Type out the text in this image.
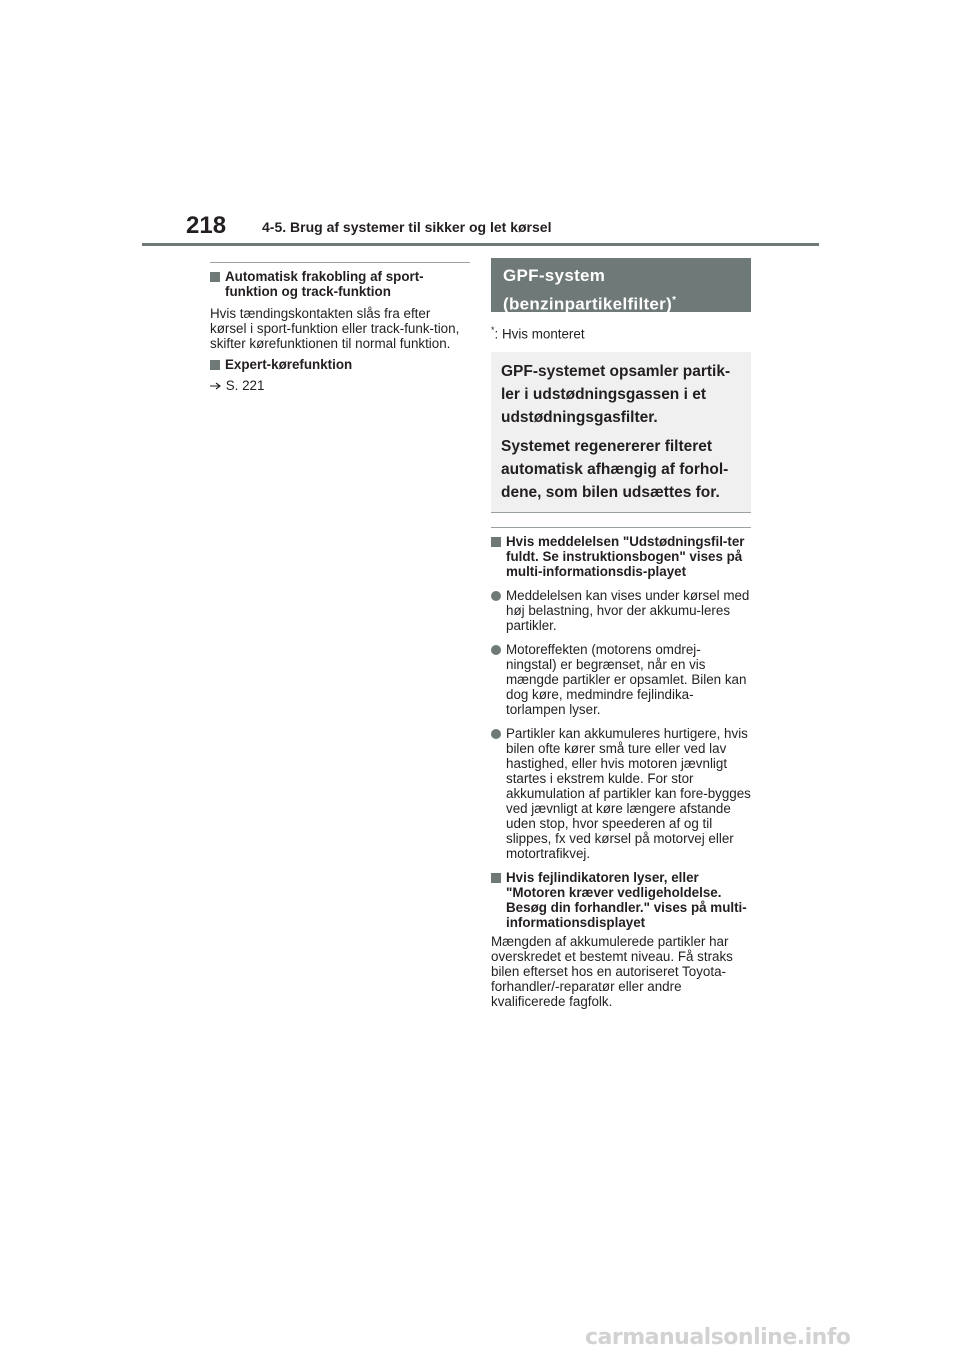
218	4-5. Brug af systemer til sikker og let kørsel
Automatisk frakobling af sport-funktion og track-funktion
Hvis tændingskontakten slås fra efter kørsel i sport-funktion eller track-funk-tion, skifter kørefunktionen til normal funktion.
Expert-kørefunktion
S. 221
GPF-system
(benzinpartikelfilter)*
*: Hvis monteret

GPF-systemet opsamler partik-ler i udstødningsgassen i et udstødningsgasfilter.

Systemet regenererer filteret automatisk afhængig af forhol-dene, som bilen udsættes for.

Hvis meddelelsen "Udstødningsfil-ter fuldt. Se instruktionsbogen" vises på multi-informationsdis-playet
Meddelelsen kan vises under kørsel med høj belastning, hvor der akkumu-leres partikler.
Motoreffekten (motorens omdrej-ningstal) er begrænset, når en vis mængde partikler er opsamlet. Bilen kan dog køre, medmindre fejlindika-torlampen lyser.
Partikler kan akkumuleres hurtigere, hvis bilen ofte kører små ture eller ved lav hastighed, eller hvis motoren jævnligt startes i ekstrem kulde. For stor akkumulation af partikler kan fore-bygges ved jævnligt at køre længere afstande uden stop, hvor speederen af og til slippes, fx ved kørsel på motorvej eller motortrafikvej.
Hvis fejlindikatoren lyser, eller "Motoren kræver vedligeholdelse. Besøg din forhandler." vises på multi-informationsdisplayet
Mængden af akkumulerede partikler har overskredet et bestemt niveau. Få straks bilen efterset hos en autoriseret Toyota-forhandler/-reparatør eller andre kvalificerede fagfolk.
carmanualsonline.info
